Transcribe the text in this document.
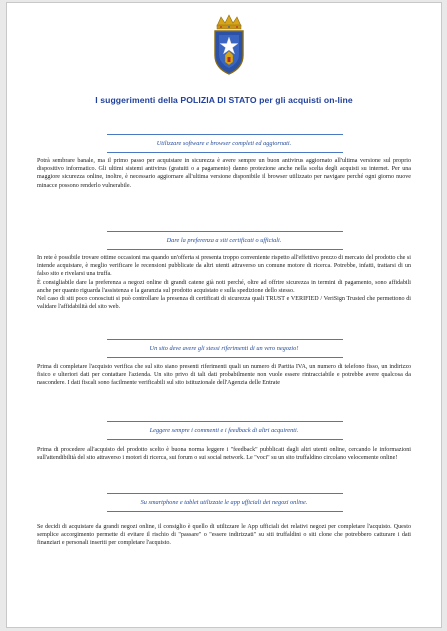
I suggerimenti della POLIZIA DI STATO per gli acquisti on-line
Utilizzare software e browser completi ed aggiornati.

Potrà sembrare banale, ma il primo passo per acquistare in sicurezza è avere sempre un buon antivirus aggiornato all'ultima versione sul proprio dispositivo informatico. Gli ultimi sistemi antivirus (gratuiti o a pagamento) danno protezione anche nella scelta degli acquisti su internet. Per una maggiore sicurezza online, inoltre, è necessario aggiornare all'ultima versione disponibile il browser utilizzato per navigare perché ogni giorno nuove minacce possono renderlo vulnerabile.

Dare la preferenza a siti certificati o ufficiali.

In rete è possibile trovare ottime occasioni ma quando un'offerta si presenta troppo conveniente rispetto all'effettivo prezzo di mercato del prodotto che si intende acquistare, è meglio verificare le recensioni pubblicate da altri utenti attraverso un comune motore di ricerca. Potrebbe, infatti, trattarsi di un falso sito e rivelarsi una truffa.

È consigliabile dare la preferenza a negozi online di grandi catene già noti perché, oltre ad offrire sicurezza in termini di pagamento, sono affidabili anche per quanto riguarda l'assistenza e la garanzia sul prodotto acquistato e sulla spedizione dello stesso.

Nel caso di siti poco conosciuti si può controllare la presenza di certificati di sicurezza quali TRUST e VERIFIED / VeriSign Trusted che permettono di validare l'affidabilità del sito web.

Un sito deve avere gli stessi riferimenti di un vero negozio!

Prima di completare l'acquisto verifica che sul sito siano presenti riferimenti quali un numero di Partita IVA, un numero di telefono fisso, un indirizzo fisico e ulteriori dati per contattare l'azienda. Un sito privo di tali dati probabilmente non vuole essere rintracciabile e potrebbe avere qualcosa da nascondere. I dati fiscali sono facilmente verificabili sul sito istituzionale dell'Agenzia delle Entrate

Leggere sempre i commenti e i feedback di altri acquirenti.

Prima di procedere all'acquisto del prodotto scelto è buona norma leggere i "feedback" pubblicati dagli altri utenti online, cercando le informazioni sull'attendibilità del sito attraverso i motori di ricerca, sui forum o sui social network. Le "voci" su un sito truffaldino circolano velocemente online!

Su smartphone e tablet utilizzate le app ufficiali dei negozi online.

Se decidi di acquistare da grandi negozi online, il consiglio è quello di utilizzare le App ufficiali dei relativi negozi per completare l'acquisto. Questo semplice accorgimento permette di evitare il rischio di "passare" o "essere indirizzati" su siti truffaldini o siti clone che potrebbero catturare i dati finanziari e personali inseriti per completare l'acquisto.
